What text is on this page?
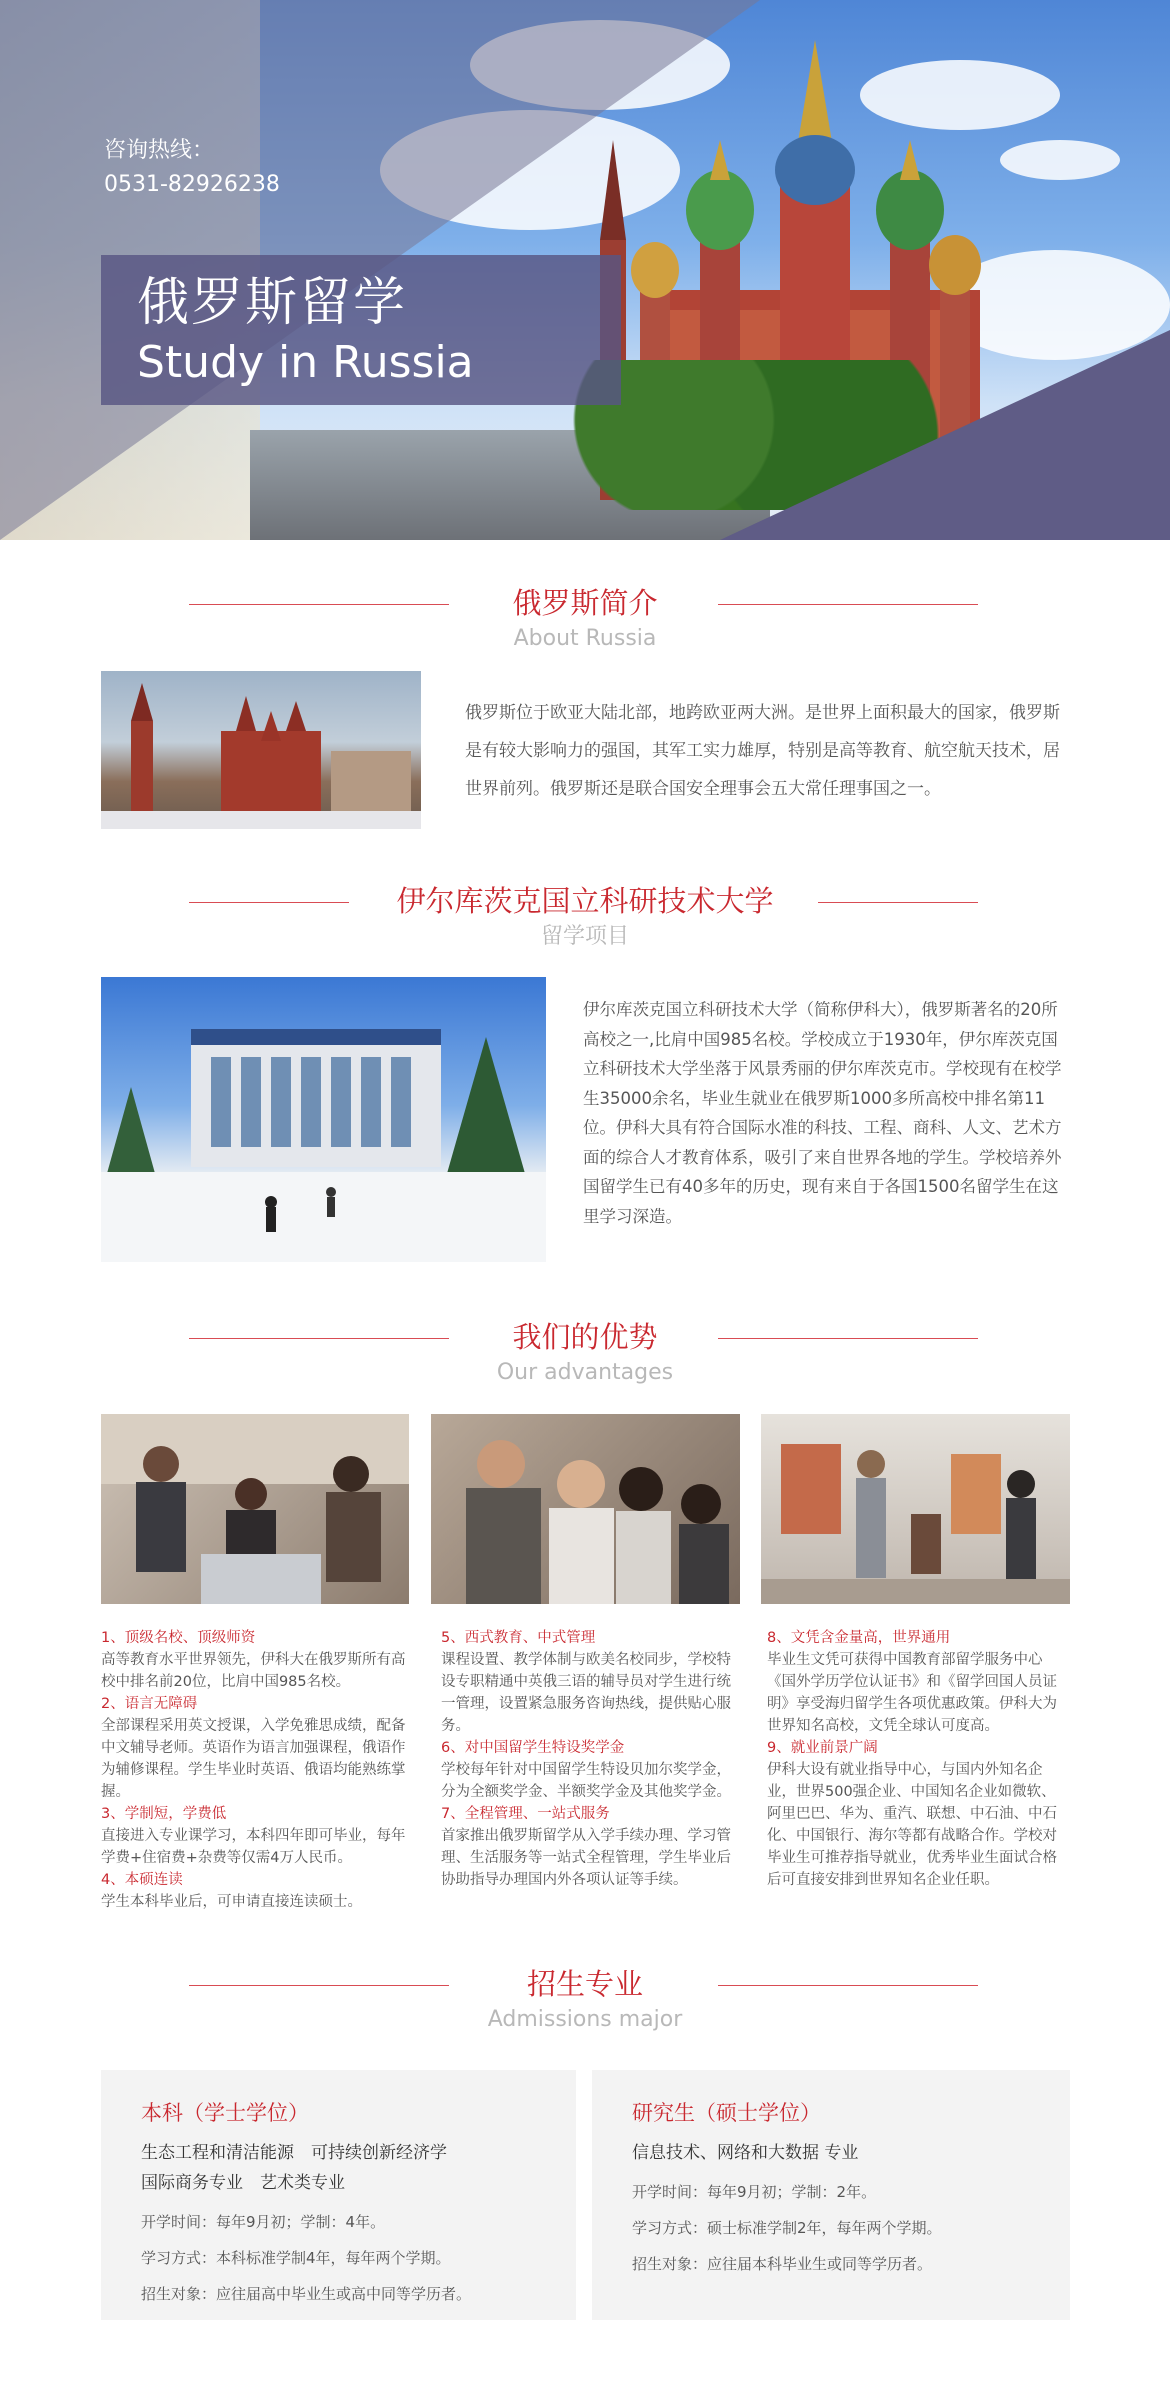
咨询热线：
0531-82926238
俄罗斯留学
Study in Russia
俄罗斯简介
About Russia
俄罗斯位于欧亚大陆北部，地跨欧亚两大洲。是世界上面积最大的国家，俄罗斯是有较大影响力的强国，其军工实力雄厚，特别是高等教育、航空航天技术，居世界前列。俄罗斯还是联合国安全理事会五大常任理事国之一。
伊尔库茨克国立科研技术大学
留学项目
伊尔库茨克国立科研技术大学（简称伊科大），俄罗斯著名的20所高校之一,比肩中国985名校。学校成立于1930年，伊尔库茨克国立科研技术大学坐落于风景秀丽的伊尔库茨克市。学校现有在校学生35000余名，毕业生就业在俄罗斯1000多所高校中排名第11位。伊科大具有符合国际水准的科技、工程、商科、人文、艺术方面的综合人才教育体系，吸引了来自世界各地的学生。学校培养外国留学生已有40多年的历史，现有来自于各国1500名留学生在这里学习深造。
我们的优势
Our advantages
1、顶级名校、顶级师资
高等教育水平世界领先，伊科大在俄罗斯所有高校中排名前20位，比肩中国985名校。
2、语言无障碍
全部课程采用英文授课，入学免雅思成绩，配备中文辅导老师。英语作为语言加强课程，俄语作为辅修课程。学生毕业时英语、俄语均能熟练掌握。
3、学制短，学费低
直接进入专业课学习，本科四年即可毕业，每年学费+住宿费+杂费等仅需4万人民币。
4、本硕连读
学生本科毕业后，可申请直接连读硕士。
5、西式教育、中式管理
课程设置、教学体制与欧美名校同步，学校特设专职精通中英俄三语的辅导员对学生进行统一管理，设置紧急服务咨询热线，提供贴心服务。
6、对中国留学生特设奖学金
学校每年针对中国留学生特设贝加尔奖学金，分为全额奖学金、半额奖学金及其他奖学金。
7、全程管理、一站式服务
首家推出俄罗斯留学从入学手续办理、学习管理、生活服务等一站式全程管理，学生毕业后协助指导办理国内外各项认证等手续。
8、文凭含金量高，世界通用
毕业生文凭可获得中国教育部留学服务中心《国外学历学位认证书》和《留学回国人员证明》享受海归留学生各项优惠政策。伊科大为世界知名高校，文凭全球认可度高。
9、就业前景广阔
伊科大设有就业指导中心，与国内外知名企业，世界500强企业、中国知名企业如微软、阿里巴巴、华为、重汽、联想、中石油、中石化、中国银行、海尔等都有战略合作。学校对毕业生可推荐指导就业，优秀毕业生面试合格后可直接安排到世界知名企业任职。
招生专业
Admissions major
本科（学士学位）
生态工程和清洁能源　可持续创新经济学
国际商务专业　艺术类专业
开学时间：每年9月初；学制：4年。
学习方式：本科标准学制4年，每年两个学期。
招生对象：应往届高中毕业生或高中同等学历者。
研究生（硕士学位）
信息技术、网络和大数据 专业
开学时间：每年9月初；学制：2年。
学习方式：硕士标准学制2年，每年两个学期。
招生对象：应往届本科毕业生或同等学历者。
